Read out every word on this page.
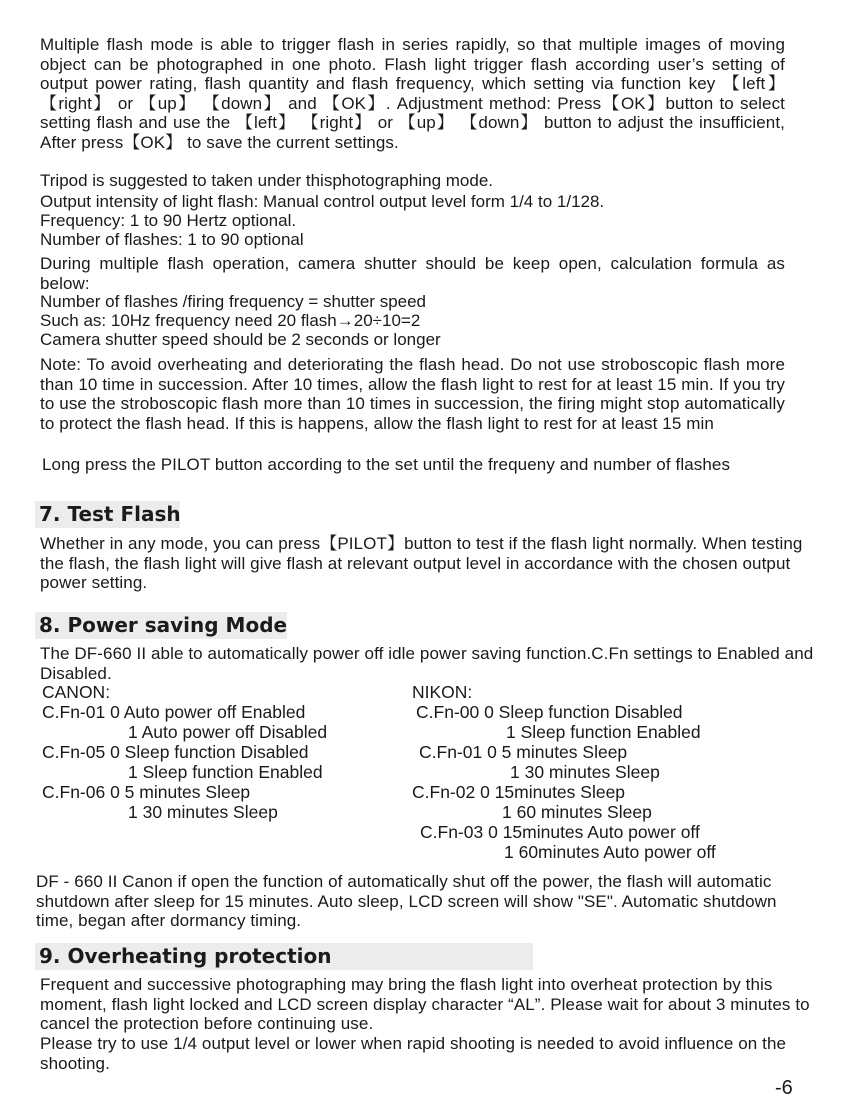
Multiple flash mode is able to trigger flash in series rapidly, so that multiple images of moving object can be photographed in one photo. Flash light trigger flash according user’s setting of output power rating, flash quantity and flash frequency, which setting via function key 【left】 【right】 or 【up】 【down】 and 【OK】. Adjustment method: Press【OK】button to select setting flash and use the 【left】 【right】 or 【up】 【down】 button to adjust the insufficient, After press【OK】 to save the current settings.

Tripod is suggested to taken under thisphotographing mode.

Output intensity of light flash: Manual control output level form 1/4 to 1/128.

Frequency: 1 to 90 Hertz optional.

Number of flashes: 1 to 90 optional

During multiple flash operation, camera shutter should be keep open, calculation formula as below:

Number of flashes /firing frequency = shutter speed

Such as: 10Hz frequency need 20 flash→20÷10=2

Camera shutter speed should be 2 seconds or longer

Note: To avoid overheating and deteriorating the flash head. Do not use stroboscopic flash more than 10 time in succession. After 10 times, allow the flash light to rest for at least 15 min. If you try to use the stroboscopic flash more than 10 times in succession, the firing might stop automatically to protect the flash head. If this is happens, allow the flash light to rest for at least 15 min

Long press the PILOT button according to the set until the frequeny and number of flashes

7. Test Flash

Whether in any mode, you can press【PILOT】button to test if the flash light normally. When testing the flash, the flash light will give flash at relevant output level in accordance with the chosen output power setting.

8. Power saving Mode

The DF-660 II able to automatically power off idle power saving function.C.Fn settings to Enabled and Disabled.

CANON:
C.Fn-01 0 Auto power off Enabled
1 Auto power off Disabled
C.Fn-05 0 Sleep function Disabled
1 Sleep function Enabled
C.Fn-06 0 5 minutes Sleep
1 30 minutes Sleep
NIKON:
C.Fn-00 0 Sleep function Disabled
1 Sleep function Enabled
C.Fn-01 0 5 minutes Sleep
1 30 minutes Sleep
C.Fn-02 0 15minutes Sleep
1 60 minutes Sleep
C.Fn-03 0 15minutes Auto power off
1 60minutes Auto power off

DF - 660 II Canon if open the function of automatically shut off the power, the flash will automatic shutdown after sleep for 15 minutes. Auto sleep, LCD screen will show "SE". Automatic shutdown time, began after dormancy timing.

9. Overheating protection

Frequent and successive photographing may bring the flash light into overheat protection by this moment, flash light locked and LCD screen display character “AL”. Please wait for about 3 minutes to cancel the protection before continuing use.

Please try to use 1/4 output level or lower when rapid shooting is needed to avoid influence on the shooting.

-6
